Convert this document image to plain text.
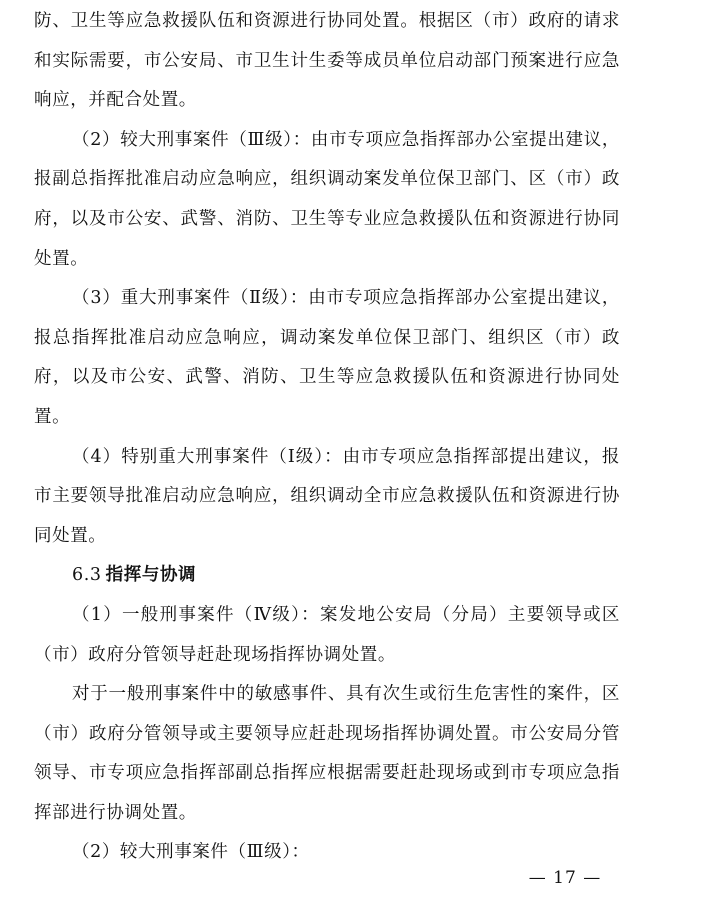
防、卫生等应急救援队伍和资源进行协同处置。根据区（市）政府的请求和实际需要，市公安局、市卫生计生委等成员单位启动部门预案进行应急响应，并配合处置。

（2）较大刑事案件（Ⅲ级）：由市专项应急指挥部办公室提出建议，报副总指挥批准启动应急响应，组织调动案发单位保卫部门、区（市）政府，以及市公安、武警、消防、卫生等专业应急救援队伍和资源进行协同处置。

（3）重大刑事案件（Ⅱ级）：由市专项应急指挥部办公室提出建议，报总指挥批准启动应急响应，调动案发单位保卫部门、组织区（市）政府，以及市公安、武警、消防、卫生等应急救援队伍和资源进行协同处置。

（4）特别重大刑事案件（Ⅰ级）：由市专项应急指挥部提出建议，报市主要领导批准启动应急响应，组织调动全市应急救援队伍和资源进行协同处置。

6.3 指挥与协调

（1）一般刑事案件（Ⅳ级）：案发地公安局（分局）主要领导或区（市）政府分管领导赶赴现场指挥协调处置。

对于一般刑事案件中的敏感事件、具有次生或衍生危害性的案件，区（市）政府分管领导或主要领导应赶赴现场指挥协调处置。市公安局分管领导、市专项应急指挥部副总指挥应根据需要赶赴现场或到市专项应急指挥部进行协调处置。

（2）较大刑事案件（Ⅲ级）：

— 17 —
